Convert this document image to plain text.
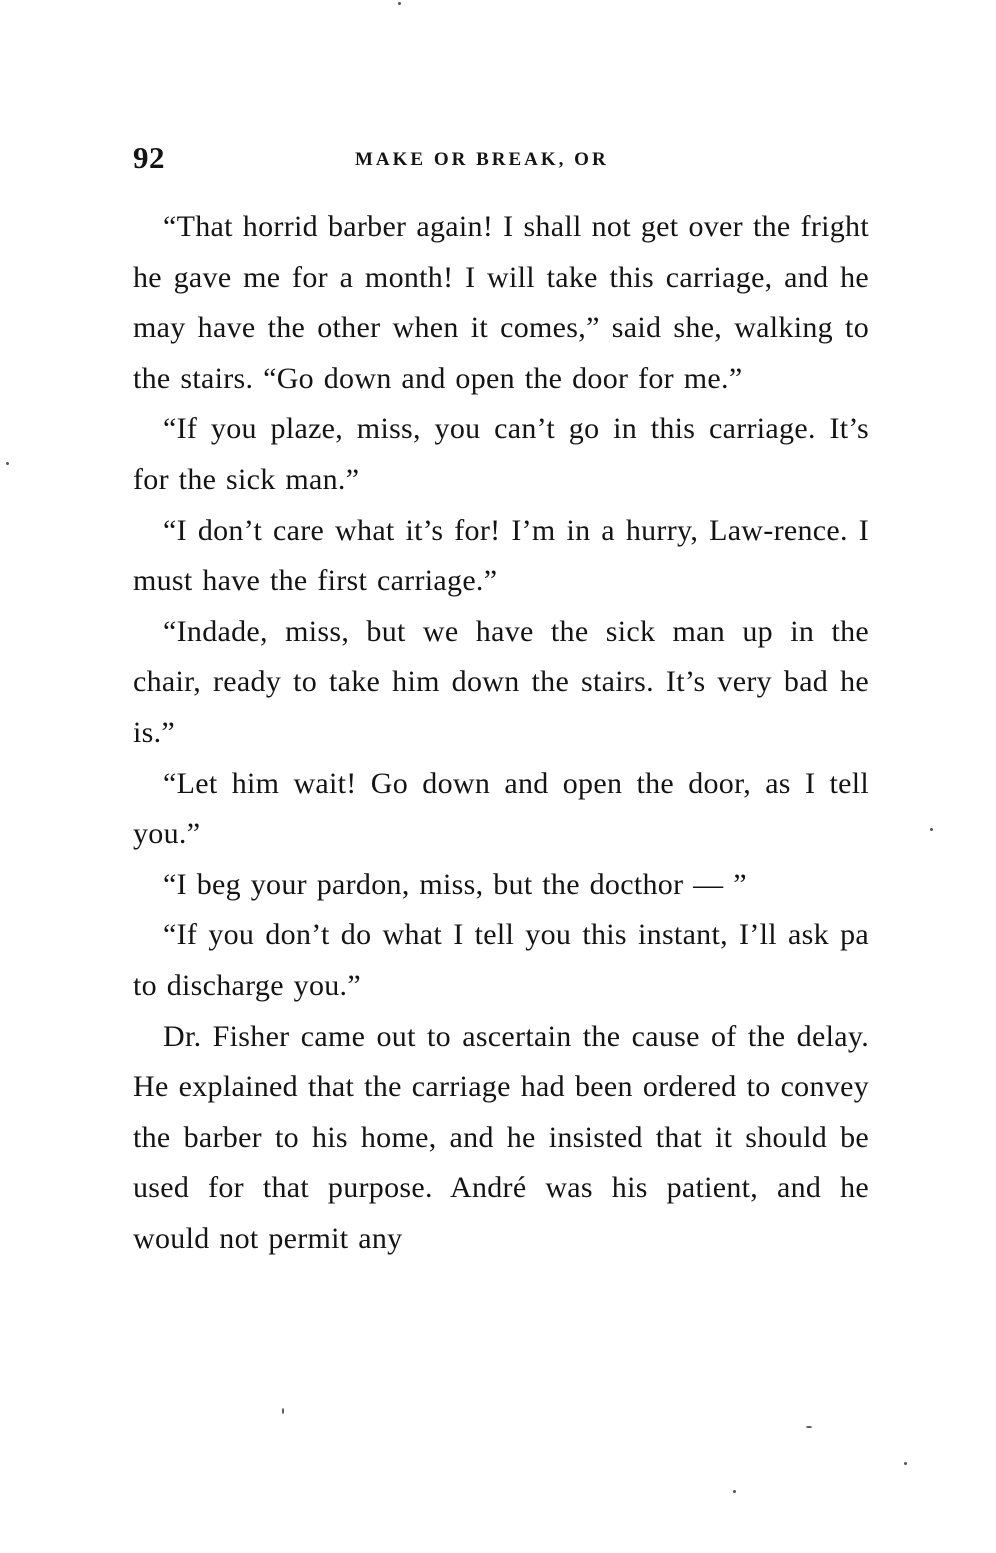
92	MAKE OR BREAK, OR

“That horrid barber again! I shall not get over the fright he gave me for a month! I will take this carriage, and he may have the other when it comes,” said she, walking to the stairs. “Go down and open the door for me.”

“If you plaze, miss, you can’t go in this carriage. It’s for the sick man.”

“I don’t care what it’s for! I’m in a hurry, Law-rence. I must have the first carriage.”

“Indade, miss, but we have the sick man up in the chair, ready to take him down the stairs. It’s very bad he is.”

“Let him wait! Go down and open the door, as I tell you.”

“I beg your pardon, miss, but the docthor — ”

“If you don’t do what I tell you this instant, I’ll ask pa to discharge you.”

Dr. Fisher came out to ascertain the cause of the delay. He explained that the carriage had been ordered to convey the barber to his home, and he insisted that it should be used for that purpose. André was his patient, and he would not permit any
